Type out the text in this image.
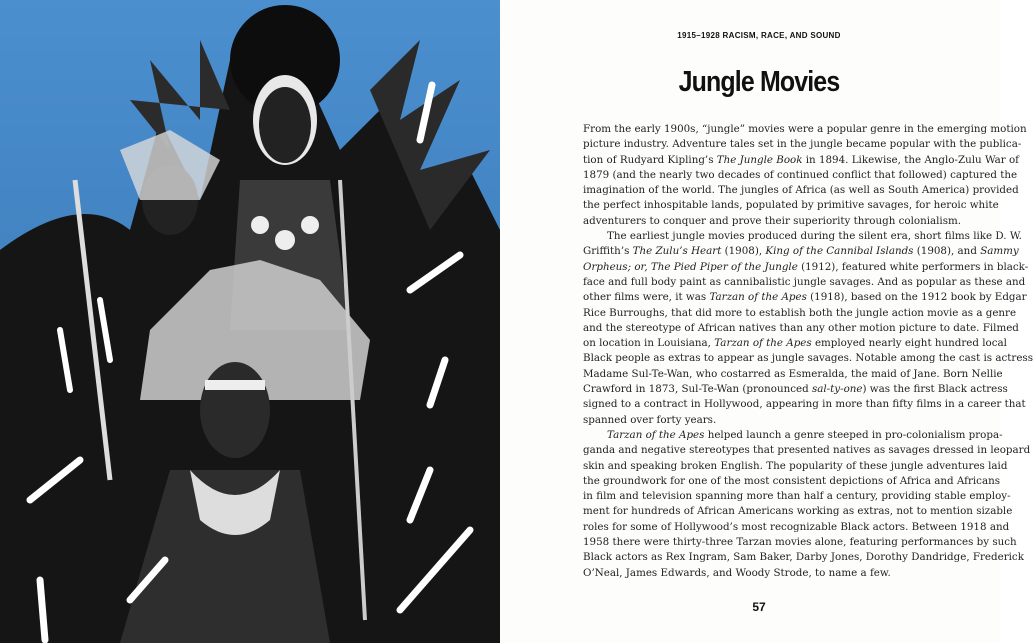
1915–1928 RACISM, RACE, AND SOUND
Jungle Movies
From the early 1900s, “jungle” movies were a popular genre in the emerging motion
picture industry. Adventure tales set in the jungle became popular with the publica-
tion of Rudyard Kipling’s The Jungle Book in 1894. Likewise, the Anglo-Zulu War of
1879 (and the nearly two decades of continued conflict that followed) captured the
imagination of the world. The jungles of Africa (as well as South America) provided
the perfect inhospitable lands, populated by primitive savages, for heroic white
adventurers to conquer and prove their superiority through colonialism.
The earliest jungle movies produced during the silent era, short films like D. W.
Griffith’s The Zulu’s Heart (1908), King of the Cannibal Islands (1908), and Sammy
Orpheus; or, The Pied Piper of the Jungle (1912), featured white performers in black-
face and full body paint as cannibalistic jungle savages. And as popular as these and
other films were, it was Tarzan of the Apes (1918), based on the 1912 book by Edgar
Rice Burroughs, that did more to establish both the jungle action movie as a genre
and the stereotype of African natives than any other motion picture to date. Filmed
on location in Louisiana, Tarzan of the Apes employed nearly eight hundred local
Black people as extras to appear as jungle savages. Notable among the cast is actress
Madame Sul-Te-Wan, who costarred as Esmeralda, the maid of Jane. Born Nellie
Crawford in 1873, Sul-Te-Wan (pronounced sal-ty-one) was the first Black actress
signed to a contract in Hollywood, appearing in more than fifty films in a career that
spanned over forty years.
Tarzan of the Apes helped launch a genre steeped in pro-colonialism propa-
ganda and negative stereotypes that presented natives as savages dressed in leopard
skin and speaking broken English. The popularity of these jungle adventures laid
the groundwork for one of the most consistent depictions of Africa and Africans
in film and television spanning more than half a century, providing stable employ-
ment for hundreds of African Americans working as extras, not to mention sizable
roles for some of Hollywood’s most recognizable Black actors. Between 1918 and
1958 there were thirty-three Tarzan movies alone, featuring performances by such
Black actors as Rex Ingram, Sam Baker, Darby Jones, Dorothy Dandridge, Frederick
O’Neal, James Edwards, and Woody Strode, to name a few.
57
